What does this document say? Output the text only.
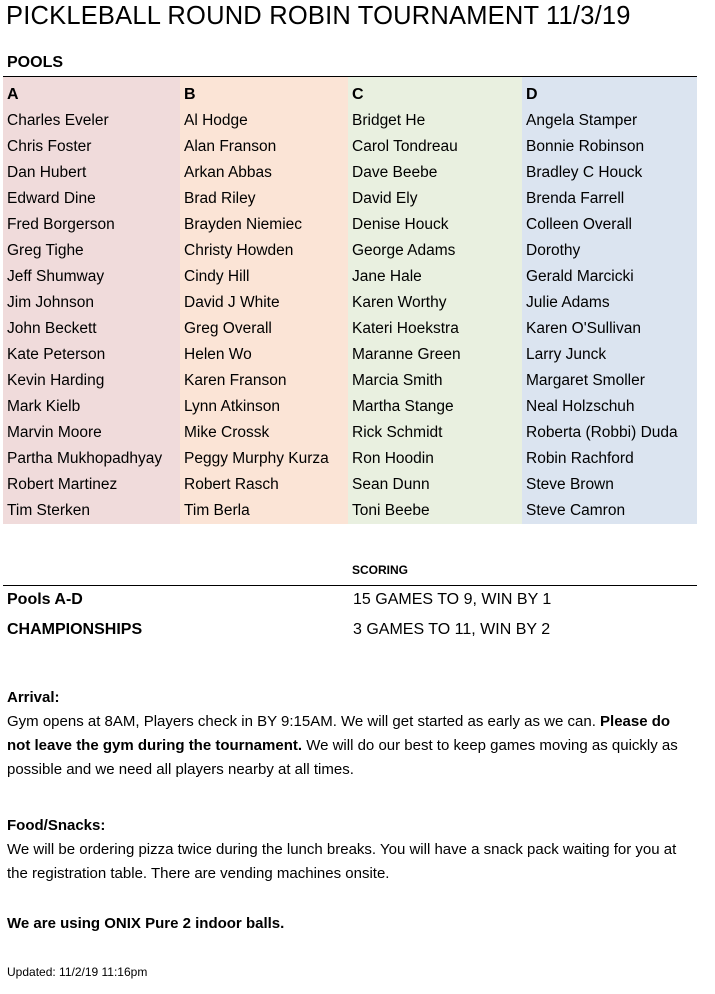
PICKLEBALL ROUND ROBIN TOURNAMENT 11/3/19
POOLS
A
Charles Eveler
Chris Foster
Dan Hubert
Edward Dine
Fred Borgerson
Greg Tighe
Jeff Shumway
Jim Johnson
John Beckett
Kate Peterson
Kevin Harding
Mark Kielb
Marvin Moore
Partha Mukhopadhyay
Robert Martinez
Tim Sterken
B
Al Hodge
Alan Franson
Arkan Abbas
Brad Riley
Brayden Niemiec
Christy Howden
Cindy Hill
David J White
Greg Overall
Helen Wo
Karen Franson
Lynn Atkinson
Mike Crossk
Peggy Murphy Kurza
Robert Rasch
Tim Berla
C
Bridget He
Carol Tondreau
Dave Beebe
David Ely
Denise Houck
George Adams
Jane Hale
Karen Worthy
Kateri Hoekstra
Maranne Green
Marcia Smith
Martha Stange
Rick Schmidt
Ron Hoodin
Sean Dunn
Toni Beebe
D
Angela Stamper
Bonnie Robinson
Bradley C Houck
Brenda Farrell
Colleen Overall
Dorothy
Gerald Marcicki
Julie Adams
Karen O'Sullivan
Larry Junck
Margaret Smoller
Neal Holzschuh
Roberta (Robbi) Duda
Robin Rachford
Steve Brown
Steve Camron
SCORING
Pools A-D	15 GAMES TO 9, WIN BY 1
CHAMPIONSHIPS	3 GAMES TO 11, WIN BY 2
Arrival:
Gym opens at 8AM, Players check in BY 9:15AM. We will get started as early as we can. Please do not leave the gym during the tournament. We will do our best to keep games moving as quickly as possible and we need all players nearby at all times.
Food/Snacks:
We will be ordering pizza twice during the lunch breaks. You will have a snack pack waiting for you at the registration table. There are vending machines onsite.
We are using ONIX Pure 2 indoor balls.
Updated: 11/2/19 11:16pm
